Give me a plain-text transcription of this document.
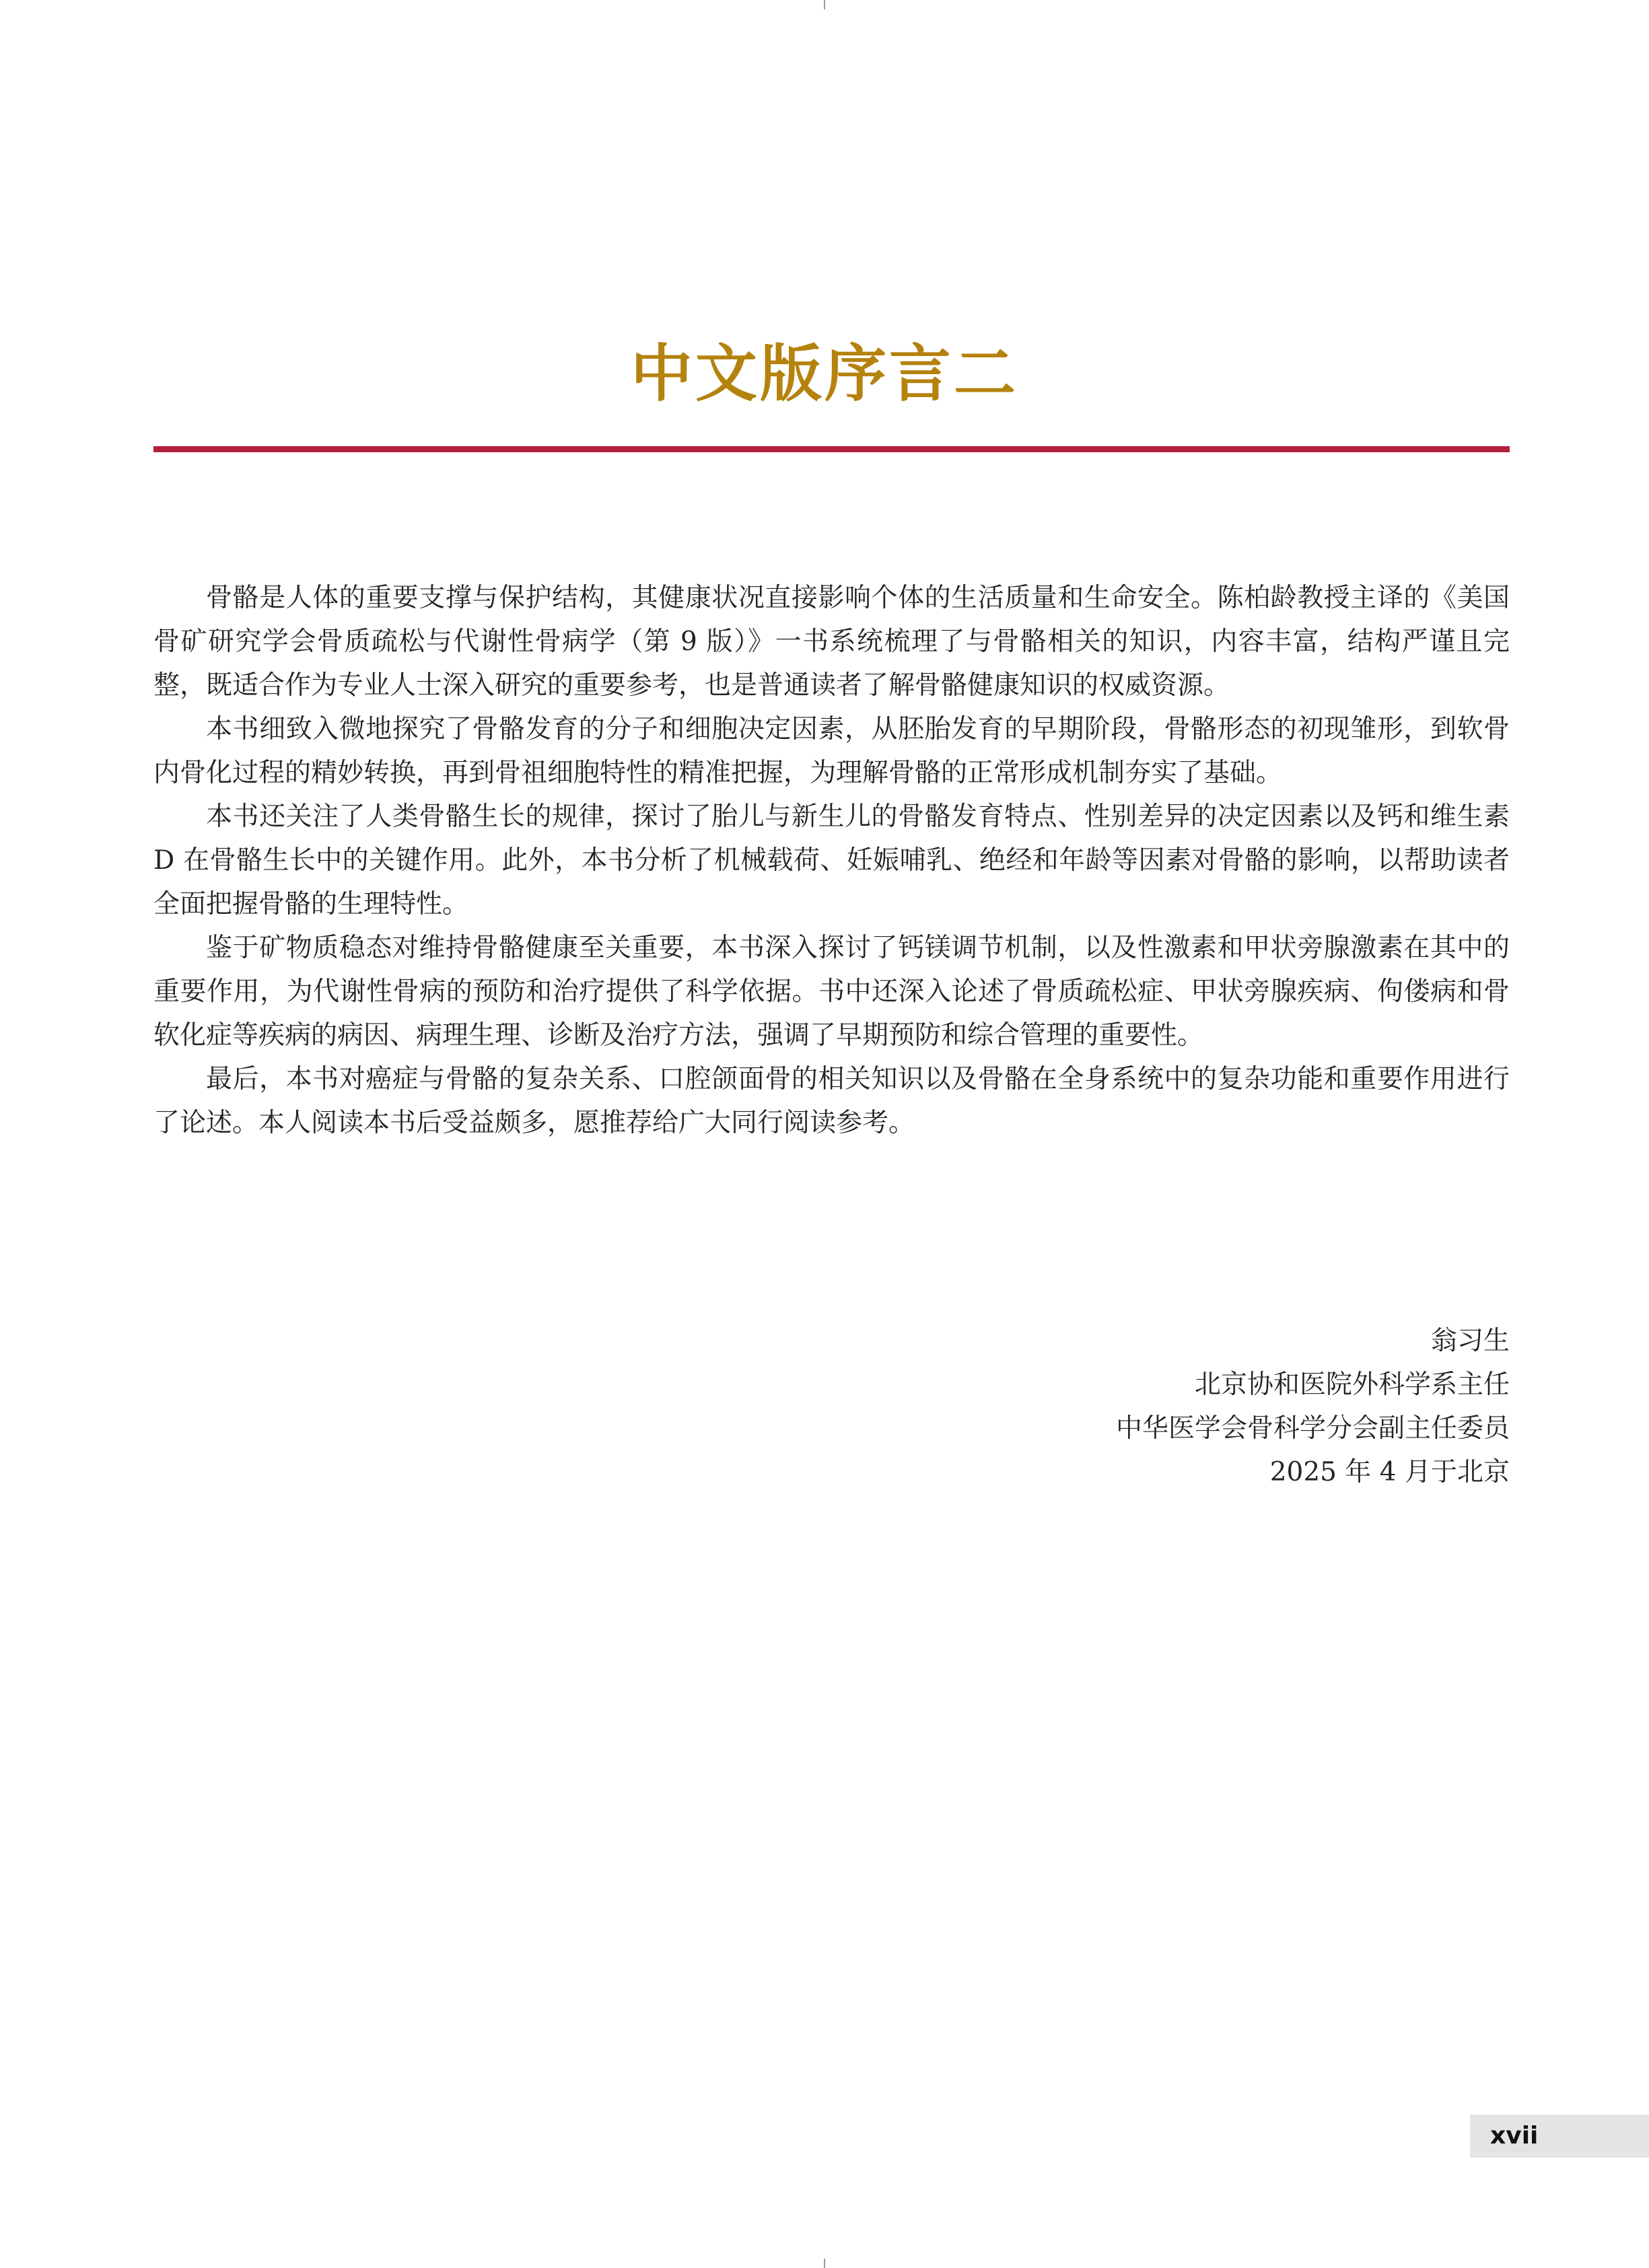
中文版序言二

骨骼是人体的重要支撑与保护结构，其健康状况直接影响个体的生活质量和生命安全。陈柏龄教授主译的《美国骨矿研究学会骨质疏松与代谢性骨病学（第 9 版）》一书系统梳理了与骨骼相关的知识，内容丰富，结构严谨且完整，既适合作为专业人士深入研究的重要参考，也是普通读者了解骨骼健康知识的权威资源。

本书细致入微地探究了骨骼发育的分子和细胞决定因素，从胚胎发育的早期阶段，骨骼形态的初现雏形，到软骨内骨化过程的精妙转换，再到骨祖细胞特性的精准把握，为理解骨骼的正常形成机制夯实了基础。

本书还关注了人类骨骼生长的规律，探讨了胎儿与新生儿的骨骼发育特点、性别差异的决定因素以及钙和维生素 D 在骨骼生长中的关键作用。此外，本书分析了机械载荷、妊娠哺乳、绝经和年龄等因素对骨骼的影响，以帮助读者全面把握骨骼的生理特性。

鉴于矿物质稳态对维持骨骼健康至关重要，本书深入探讨了钙镁调节机制，以及性激素和甲状旁腺激素在其中的重要作用，为代谢性骨病的预防和治疗提供了科学依据。书中还深入论述了骨质疏松症、甲状旁腺疾病、佝偻病和骨软化症等疾病的病因、病理生理、诊断及治疗方法，强调了早期预防和综合管理的重要性。

最后，本书对癌症与骨骼的复杂关系、口腔颌面骨的相关知识以及骨骼在全身系统中的复杂功能和重要作用进行了论述。本人阅读本书后受益颇多，愿推荐给广大同行阅读参考。

翁习生
北京协和医院外科学系主任
中华医学会骨科学分会副主任委员
2025 年 4 月于北京
xvii
